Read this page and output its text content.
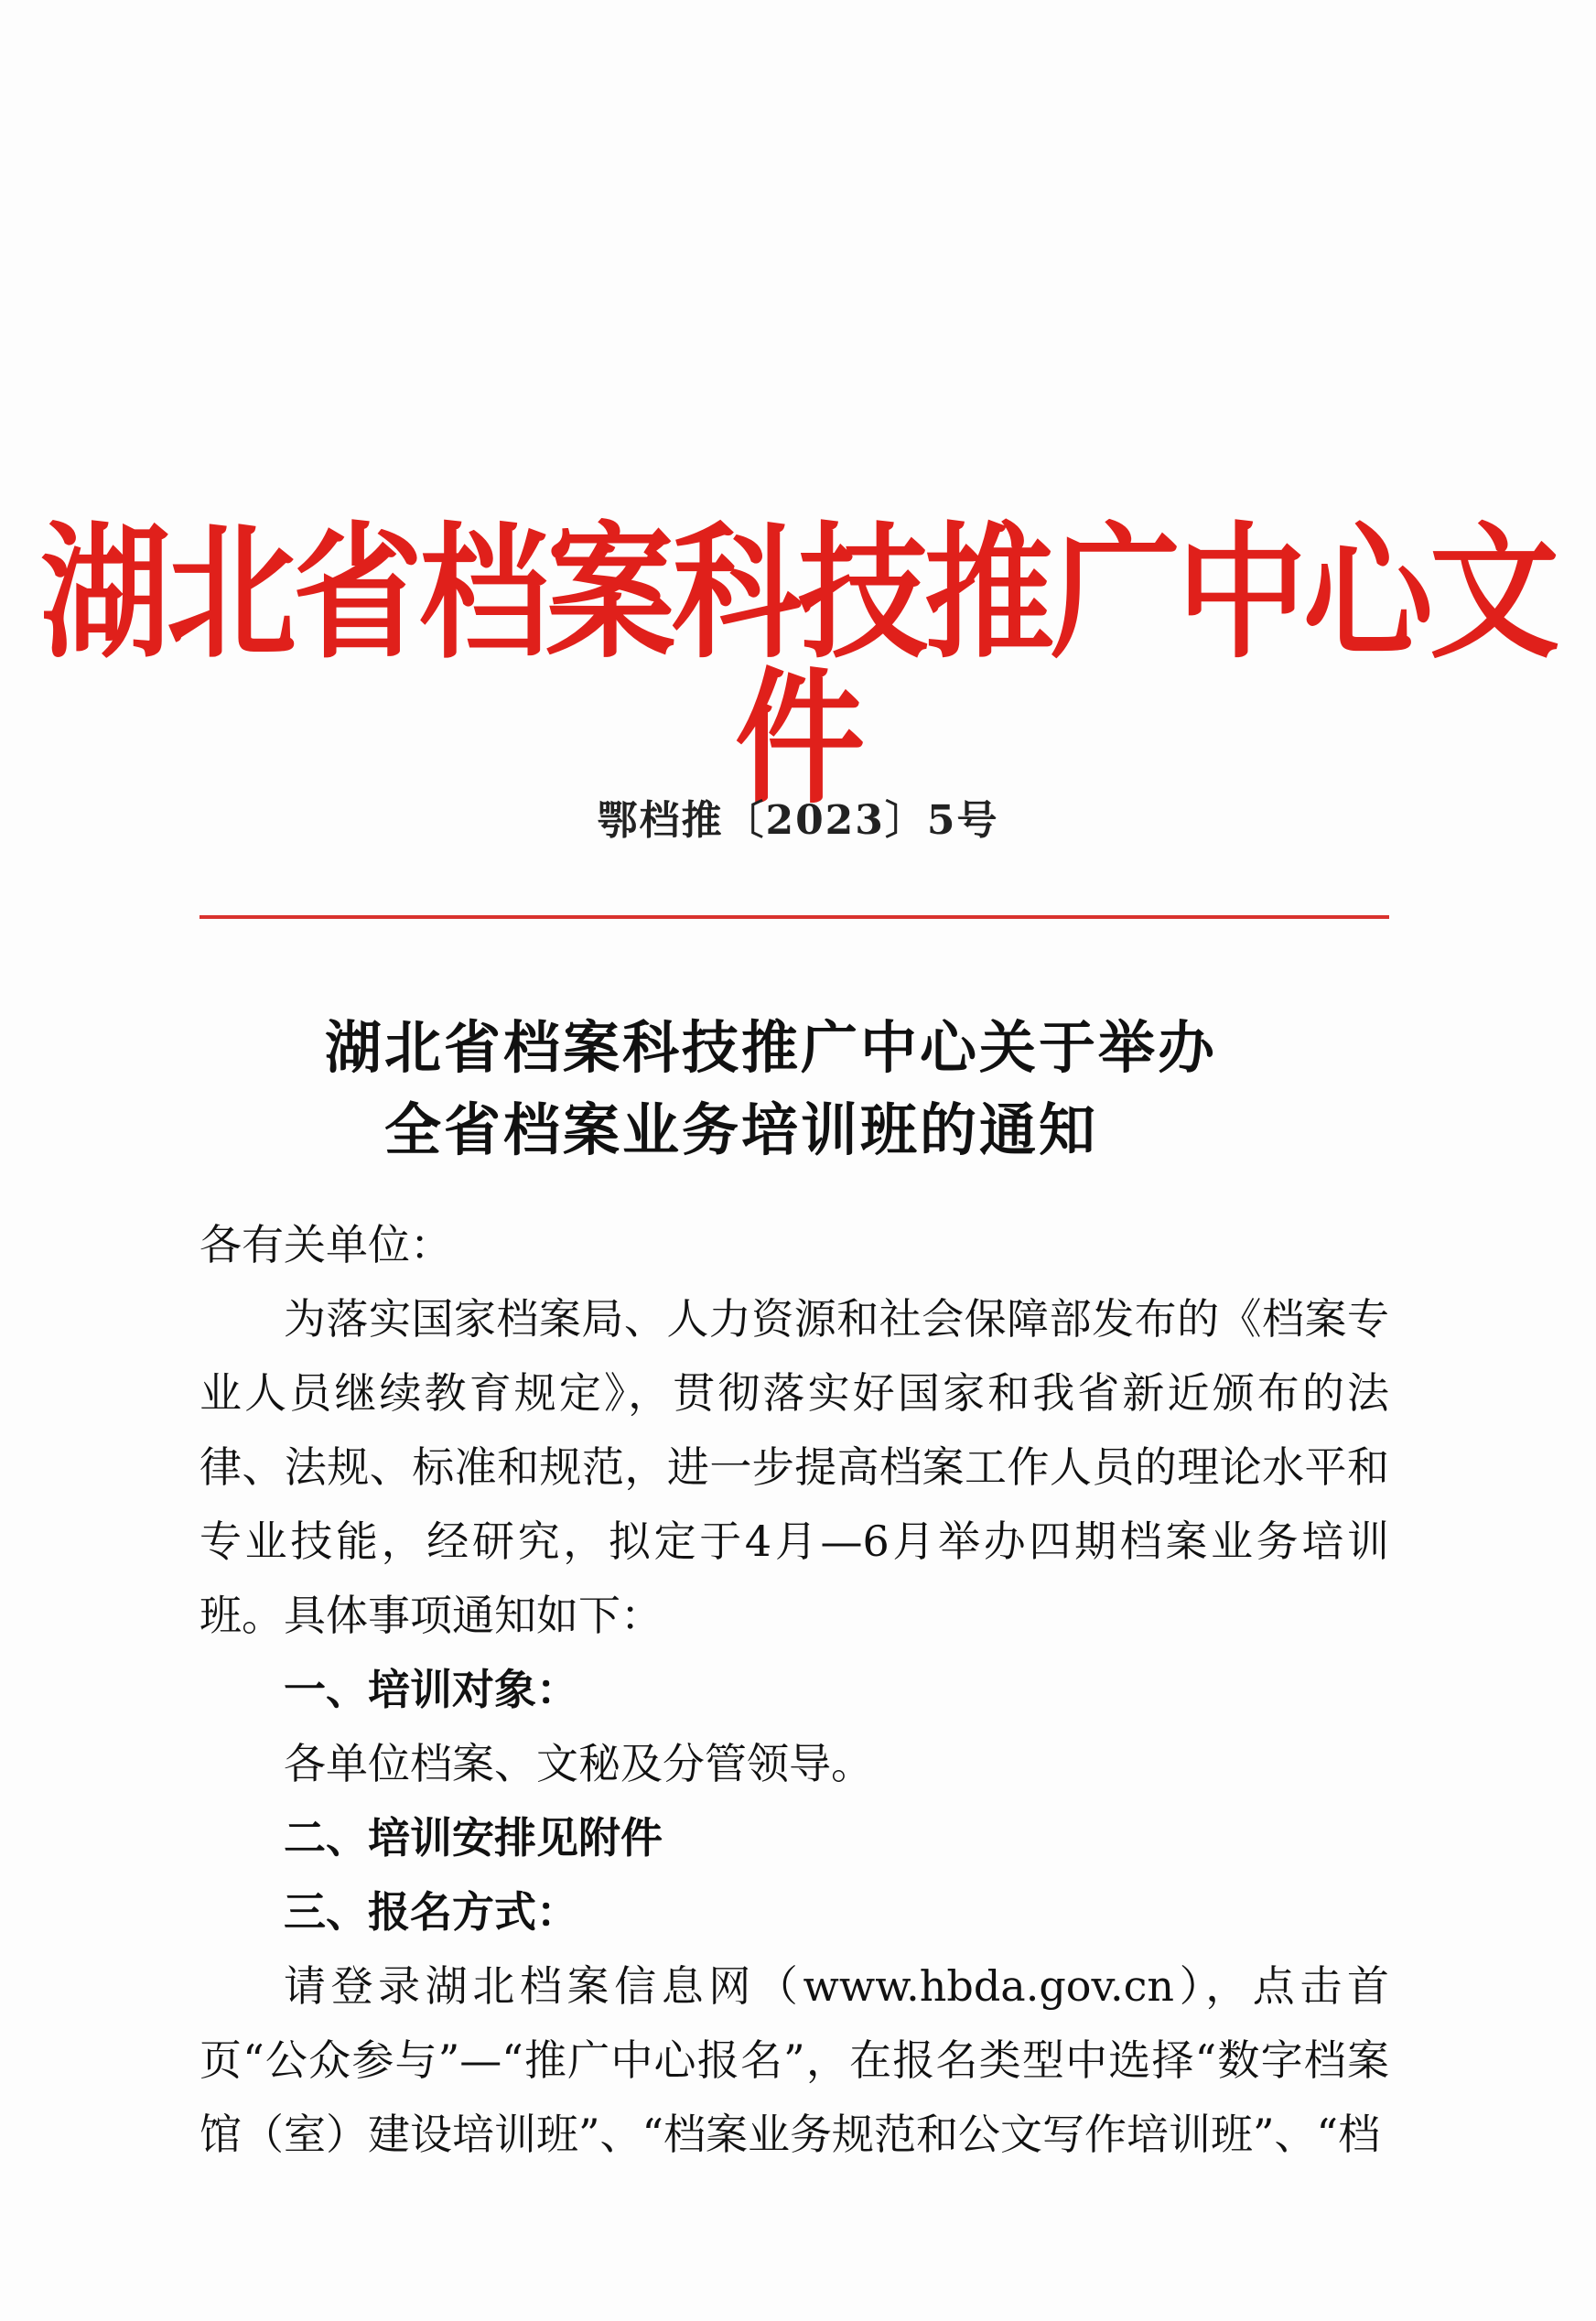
湖北省档案科技推广中心文件
鄂档推〔2023〕5号
湖北省档案科技推广中心关于举办
全省档案业务培训班的通知

各有关单位：

为落实国家档案局、人力资源和社会保障部发布的《档案专业人员继续教育规定》，贯彻落实好国家和我省新近颁布的法律、法规、标准和规范，进一步提高档案工作人员的理论水平和专业技能，经研究，拟定于4月—6月举办四期档案业务培训班。具体事项通知如下：

一、培训对象：

各单位档案、文秘及分管领导。

二、培训安排见附件

三、报名方式：

请登录湖北档案信息网（www.hbda.gov.cn），点击首页“公众参与”—“推广中心报名”，在报名类型中选择“数字档案馆（室）建设培训班”、“档案业务规范和公文写作培训班”、“档
